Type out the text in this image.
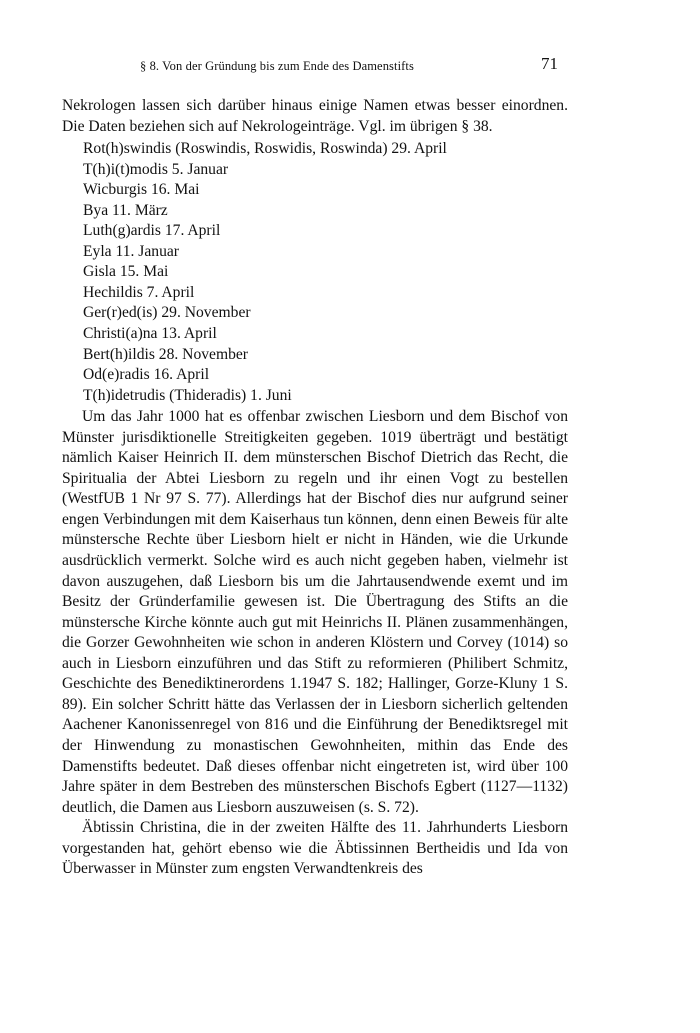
§ 8. Von der Gründung bis zum Ende des Damenstifts	71

Nekrologen lassen sich darüber hinaus einige Namen etwas besser einordnen. Die Daten beziehen sich auf Nekrologeinträge. Vgl. im übrigen § 38.

Rot(h)swindis (Roswindis, Roswidis, Roswinda) 29. April
T(h)i(t)modis 5. Januar
Wicburgis 16. Mai
Bya 11. März
Luth(g)ardis 17. April
Eyla 11. Januar
Gisla 15. Mai
Hechildis 7. April
Ger(r)ed(is) 29. November
Christi(a)na 13. April
Bert(h)ildis 28. November
Od(e)radis 16. April
T(h)idetrudis (Thideradis) 1. Juni

Um das Jahr 1000 hat es offenbar zwischen Liesborn und dem Bischof von Münster jurisdiktionelle Streitigkeiten gegeben. 1019 überträgt und bestätigt nämlich Kaiser Heinrich II. dem münsterschen Bischof Dietrich das Recht, die Spiritualia der Abtei Liesborn zu regeln und ihr einen Vogt zu bestellen (WestfUB 1 Nr 97 S. 77). Allerdings hat der Bischof dies nur aufgrund seiner engen Verbindungen mit dem Kaiserhaus tun können, denn einen Beweis für alte münstersche Rechte über Liesborn hielt er nicht in Händen, wie die Urkunde ausdrücklich vermerkt. Solche wird es auch nicht gegeben haben, vielmehr ist davon auszugehen, daß Liesborn bis um die Jahrtausendwende exemt und im Besitz der Gründerfamilie gewesen ist. Die Übertragung des Stifts an die münstersche Kirche könnte auch gut mit Heinrichs II. Plänen zusammenhängen, die Gorzer Gewohnheiten wie schon in anderen Klöstern und Corvey (1014) so auch in Liesborn einzuführen und das Stift zu reformieren (Philibert Schmitz, Geschichte des Benediktinerordens 1.1947 S. 182; Hallinger, Gorze-Kluny 1 S. 89). Ein solcher Schritt hätte das Verlassen der in Liesborn sicherlich geltenden Aachener Kanonissenregel von 816 und die Einführung der Benediktsregel mit der Hinwendung zu monastischen Gewohnheiten, mithin das Ende des Damenstifts bedeutet. Daß dieses offenbar nicht eingetreten ist, wird über 100 Jahre später in dem Bestreben des münsterschen Bischofs Egbert (1127—1132) deutlich, die Damen aus Liesborn auszuweisen (s. S. 72).

Äbtissin Christina, die in der zweiten Hälfte des 11. Jahrhunderts Liesborn vorgestanden hat, gehört ebenso wie die Äbtissinnen Bertheidis und Ida von Überwasser in Münster zum engsten Verwandtenkreis des
